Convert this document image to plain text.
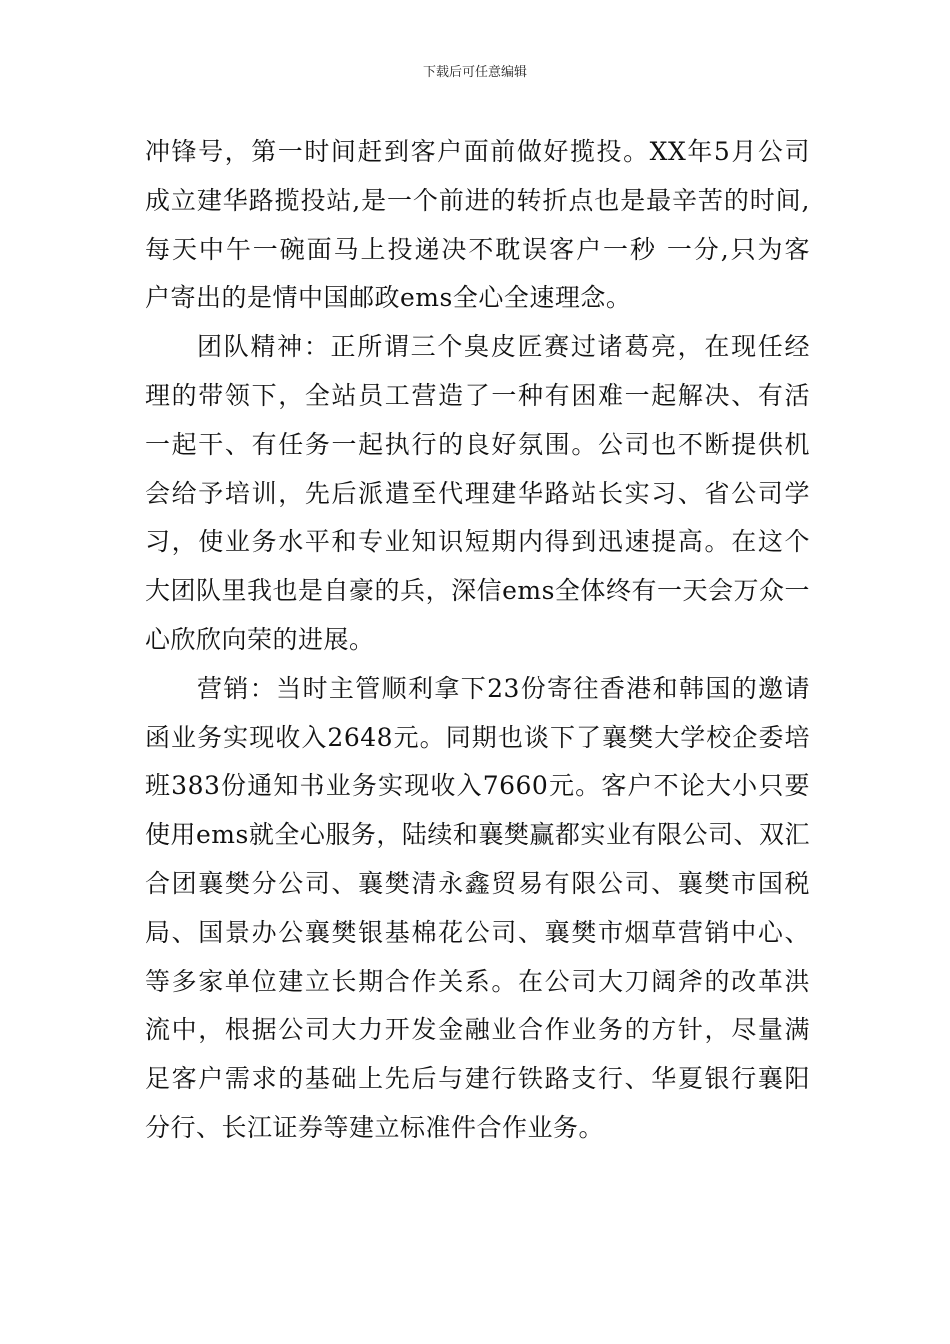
下载后可任意编辑
冲锋号，第一时间赶到客户面前做好揽投。XX年5月公司
成立建华路揽投站,是一个前进的转折点也是最辛苦的时间,
每天中午一碗面马上投递决不耽误客户一秒 一分,只为客
户寄出的是情中国邮政ems全心全速理念。
团队精神：正所谓三个臭皮匠赛过诸葛亮，在现任经
理的带领下，全站员工营造了一种有困难一起解决、有活
一起干、有任务一起执行的良好氛围。公司也不断提供机
会给予培训，先后派遣至代理建华路站长实习、省公司学
习，使业务水平和专业知识短期内得到迅速提高。在这个
大团队里我也是自豪的兵，深信ems全体终有一天会万众一
心欣欣向荣的进展。
营销：当时主管顺利拿下23份寄往香港和韩国的邀请
函业务实现收入2648元。同期也谈下了襄樊大学校企委培
班383份通知书业务实现收入7660元。客户不论大小只要
使用ems就全心服务，陆续和襄樊赢都实业有限公司、双汇
合团襄樊分公司、襄樊清永鑫贸易有限公司、襄樊市国税
局、国景办公襄樊银基棉花公司、襄樊市烟草营销中心、
等多家单位建立长期合作关系。在公司大刀阔斧的改革洪
流中，根据公司大力开发金融业合作业务的方针，尽量满
足客户需求的基础上先后与建行铁路支行、华夏银行襄阳
分行、长江证券等建立标准件合作业务。
